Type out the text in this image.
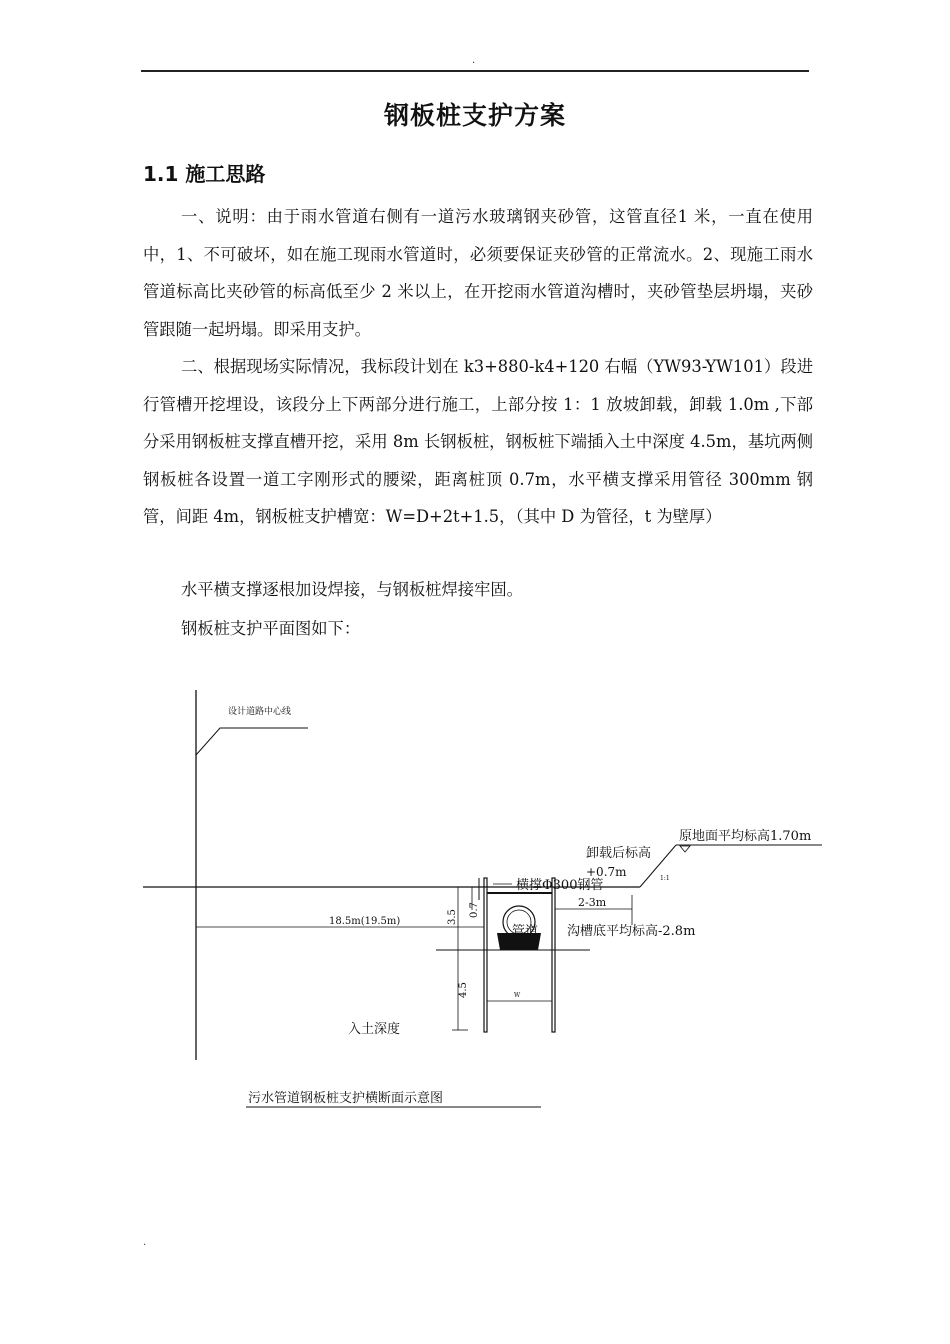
.
钢板桩支护方案
1.1 施工思路

一、说明：由于雨水管道右侧有一道污水玻璃钢夹砂管，这管直径1 米，一直在使用中，1、不可破坏，如在施工现雨水管道时，必须要保证夹砂管的正常流水。2、现施工雨水管道标高比夹砂管的标高低至少 2 米以上，在开挖雨水管道沟槽时，夹砂管垫层坍塌，夹砂管跟随一起坍塌。即采用支护。

二、根据现场实际情况，我标段计划在 k3+880-k4+120 右幅（YW93-YW101）段进行管槽开挖埋设，该段分上下两部分进行施工，上部分按 1：1 放坡卸载，卸载 1.0m ,下部分采用钢板桩支撑直槽开挖，采用 8m 长钢板桩，钢板桩下端插入土中深度 4.5m，基坑两侧钢板桩各设置一道工字刚形式的腰梁，距离桩顶 0.7m，水平横支撑采用管径 300mm 钢管，间距 4m，钢板桩支护槽宽：W=D+2t+1.5，（其中 D 为管径，t 为壁厚）

水平横支撑逐根加设焊接，与钢板桩焊接牢固。
钢板桩支护平面图如下：
设计道路中心线
原地面平均标高1.70m
卸载后标高
+0.7m	1:1
横撑Φ300钢管
2-3m
18.5m(19.5m)	3.5 0.7
4.5
管道 沟槽底平均标高-2.8m
W
入土深度
污水管道钢板桩支护横断面示意图
.
